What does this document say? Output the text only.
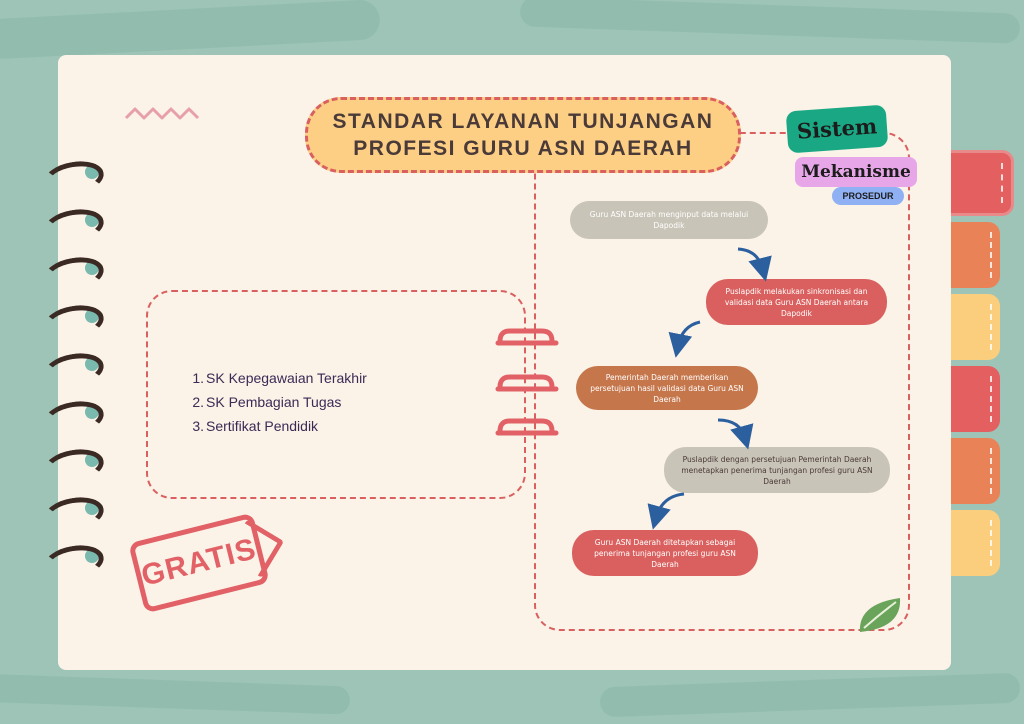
STANDAR LAYANAN TUNJANGAN
PROFESI GURU ASN DAERAH
Sistem
Mekanisme
PROSEDUR
1. SK Kepegawaian Terakhir
2. SK Pembagian Tugas
3. Sertifikat Pendidik
Guru ASN Daerah menginput data melalui Dapodik
Puslapdik melakukan sinkronisasi dan validasi data Guru ASN Daerah antara Dapodik
Pemerintah Daerah memberikan persetujuan hasil validasi data Guru ASN Daerah
Puslapdik dengan persetujuan Pemerintah Daerah menetapkan penerima tunjangan profesi guru ASN Daerah
Guru ASN Daerah ditetapkan sebagai penerima tunjangan profesi guru ASN Daerah
GRATIS
